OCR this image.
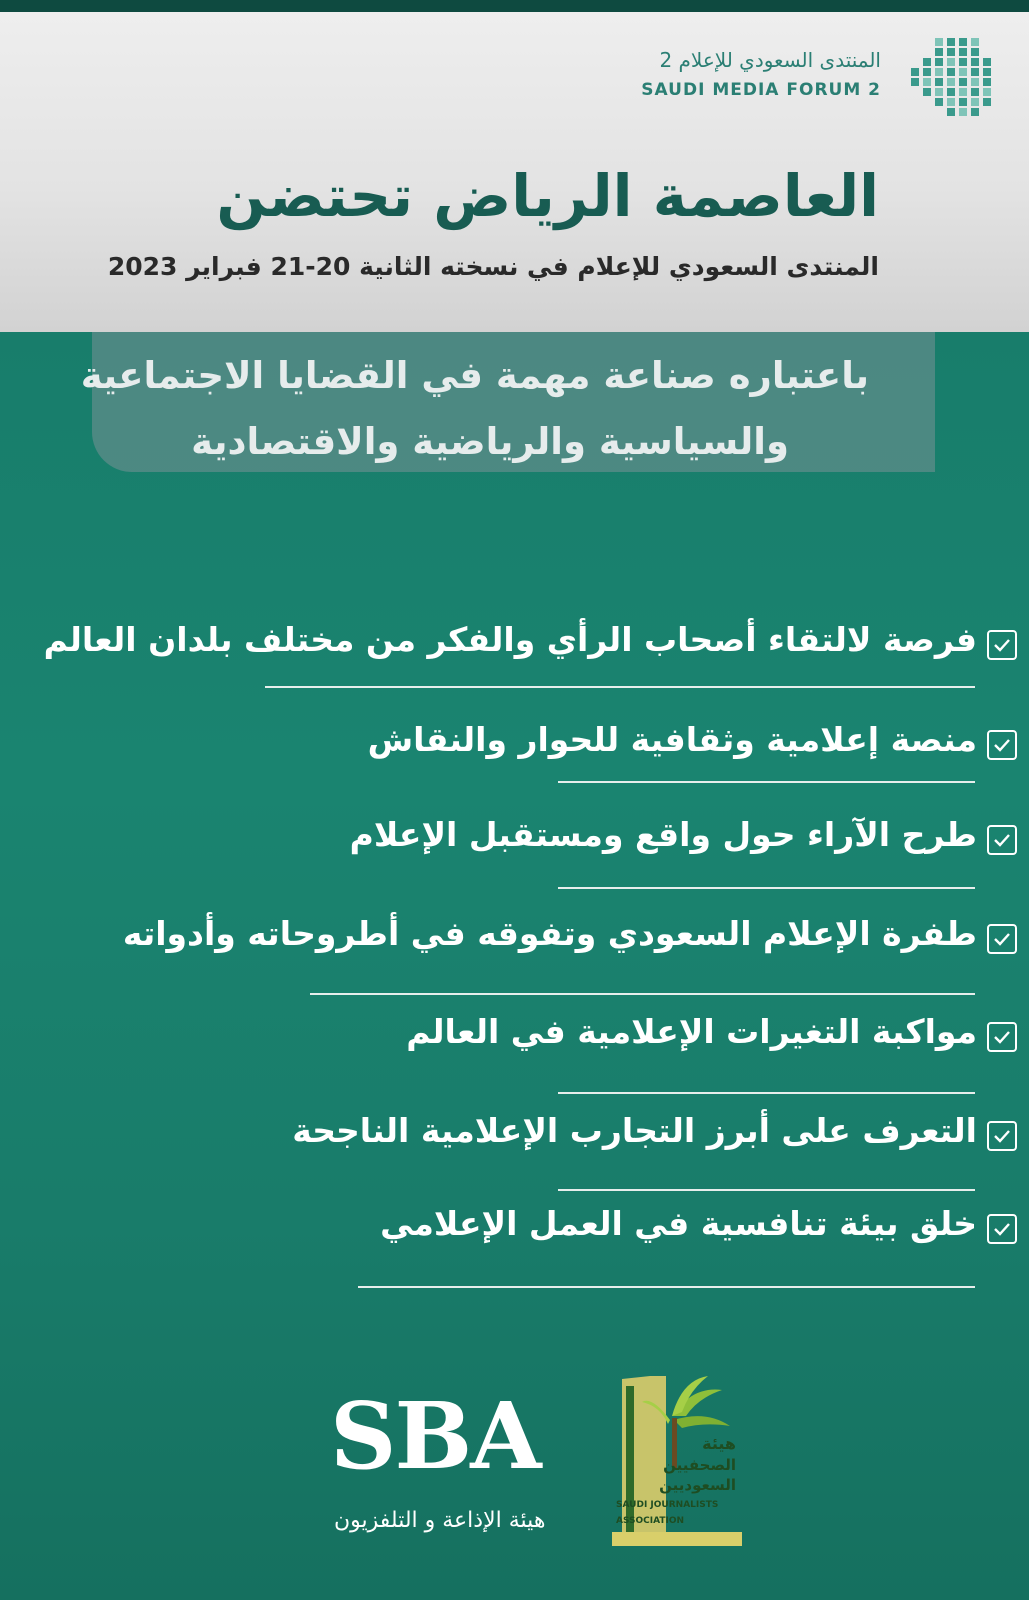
المنتدى السعودي للإعلام 2
SAUDI MEDIA FORUM 2
العاصمة الرياض تحتضن
المنتدى السعودي للإعلام في نسخته الثانية 20-21 فبراير 2023
باعتباره صناعة مهمة في القضايا الاجتماعية
والسياسية والرياضية والاقتصادية
فرصة لالتقاء أصحاب الرأي والفكر من مختلف بلدان العالم
منصة إعلامية وثقافية للحوار والنقاش
طرح الآراء حول واقع ومستقبل الإعلام
طفرة الإعلام السعودي وتفوقه في أطروحاته وأدواته
مواكبة التغيرات الإعلامية في العالم
التعرف على أبرز التجارب الإعلامية الناجحة
خلق بيئة تنافسية في العمل الإعلامي
SBA
هيئة الإذاعة و التلفزيون
هيئة
الصحفيين
السعوديين
SAUDI JOURNALISTS
ASSOCIATION
